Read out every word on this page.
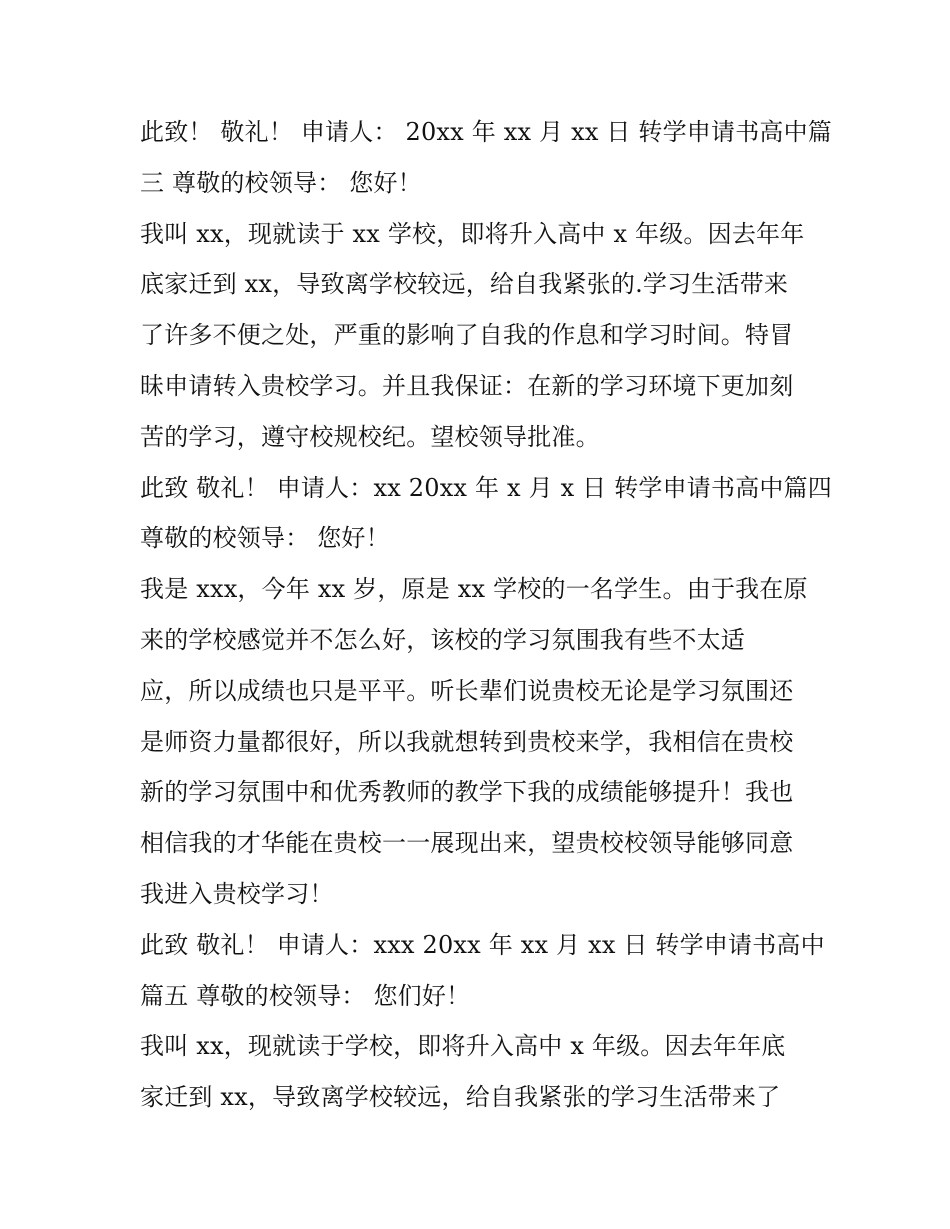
此致！ 敬礼！ 申请人： 20xx 年 xx 月 xx 日 转学申请书高中篇
三 尊敬的校领导： 您好！
我叫 xx，现就读于 xx 学校，即将升入高中 x 年级。因去年年
底家迁到 xx，导致离学校较远，给自我紧张的.学习生活带来
了许多不便之处，严重的影响了自我的作息和学习时间。特冒
昧申请转入贵校学习。并且我保证：在新的学习环境下更加刻
苦的学习，遵守校规校纪。望校领导批准。
此致 敬礼！ 申请人：xx 20xx 年 x 月 x 日 转学申请书高中篇四
尊敬的校领导： 您好！
我是 xxx，今年 xx 岁，原是 xx 学校的一名学生。由于我在原
来的学校感觉并不怎么好，该校的学习氛围我有些不太适
应，所以成绩也只是平平。听长辈们说贵校无论是学习氛围还
是师资力量都很好，所以我就想转到贵校来学，我相信在贵校
新的学习氛围中和优秀教师的教学下我的成绩能够提升！我也
相信我的才华能在贵校一一展现出来，望贵校校领导能够同意
我进入贵校学习！
此致 敬礼！ 申请人：xxx 20xx 年 xx 月 xx 日 转学申请书高中
篇五 尊敬的校领导： 您们好！
我叫 xx，现就读于学校，即将升入高中 x 年级。因去年年底
家迁到 xx，导致离学校较远，给自我紧张的学习生活带来了
